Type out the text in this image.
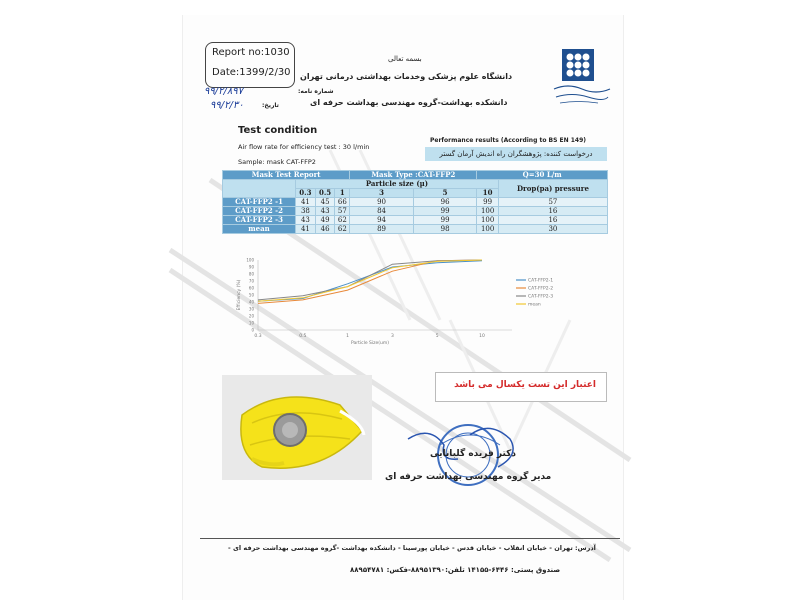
Report no:1030
Date:1399/2/30
شماره نامه:
۹۹/۲/۸۹۷
تاریخ:
۹۹/۲/۳۰
بسمه تعالی
دانشگاه علوم پزشکی وخدمات بهداشتی درمانی تهران
دانشکده بهداشت-گروه مهندسی بهداشت حرفه ای
Test condition
Air flow rate for efficiency test : 30 l/min
Sample: mask CAT-FFP2
Performance results (According to BS EN 149)
درخواست کننده: پژوهشگران راه اندیش آرمان گستر
Mask Test Report				Mask Type :CAT-FFP2		Q=30 L/m	
	Particle size (µ)						Drop(pa) pressure
	0.3	0.5	1	3	5	10	
CAT-FFP2 -1	41	45	66	90	96	99	57
CAT-FFP2 -2	38	43	57	84	99	100	16
CAT-FFP2 -3	43	49	62	94	99	100	16
mean	41	46	62	89	98	100	30
0
10
20
30
40
50
60
70
80
90
100
0.3	0.5	1	3	5	10
Particle Size(um)
Efficiency (%)	CAT-FFP2-1
CAT-FFP2-2
CAT-FFP2-3
mean
اعتبار این تست یکسال می باشد
دکتر فریده گلبابایی
مدیر گروه مهندسی بهداشت حرفه ای
آدرس: تهران - خیابان انقلاب - خیابان قدس - خیابان پورسینا - دانشکده بهداشت -گروه مهندسی بهداشت حرفه ای -
صندوق پستی: ۶۴۴۶-۱۴۱۵۵ تلفن:۸۸۹۵۱۳۹۰-فکس: ۸۸۹۵۴۷۸۱
